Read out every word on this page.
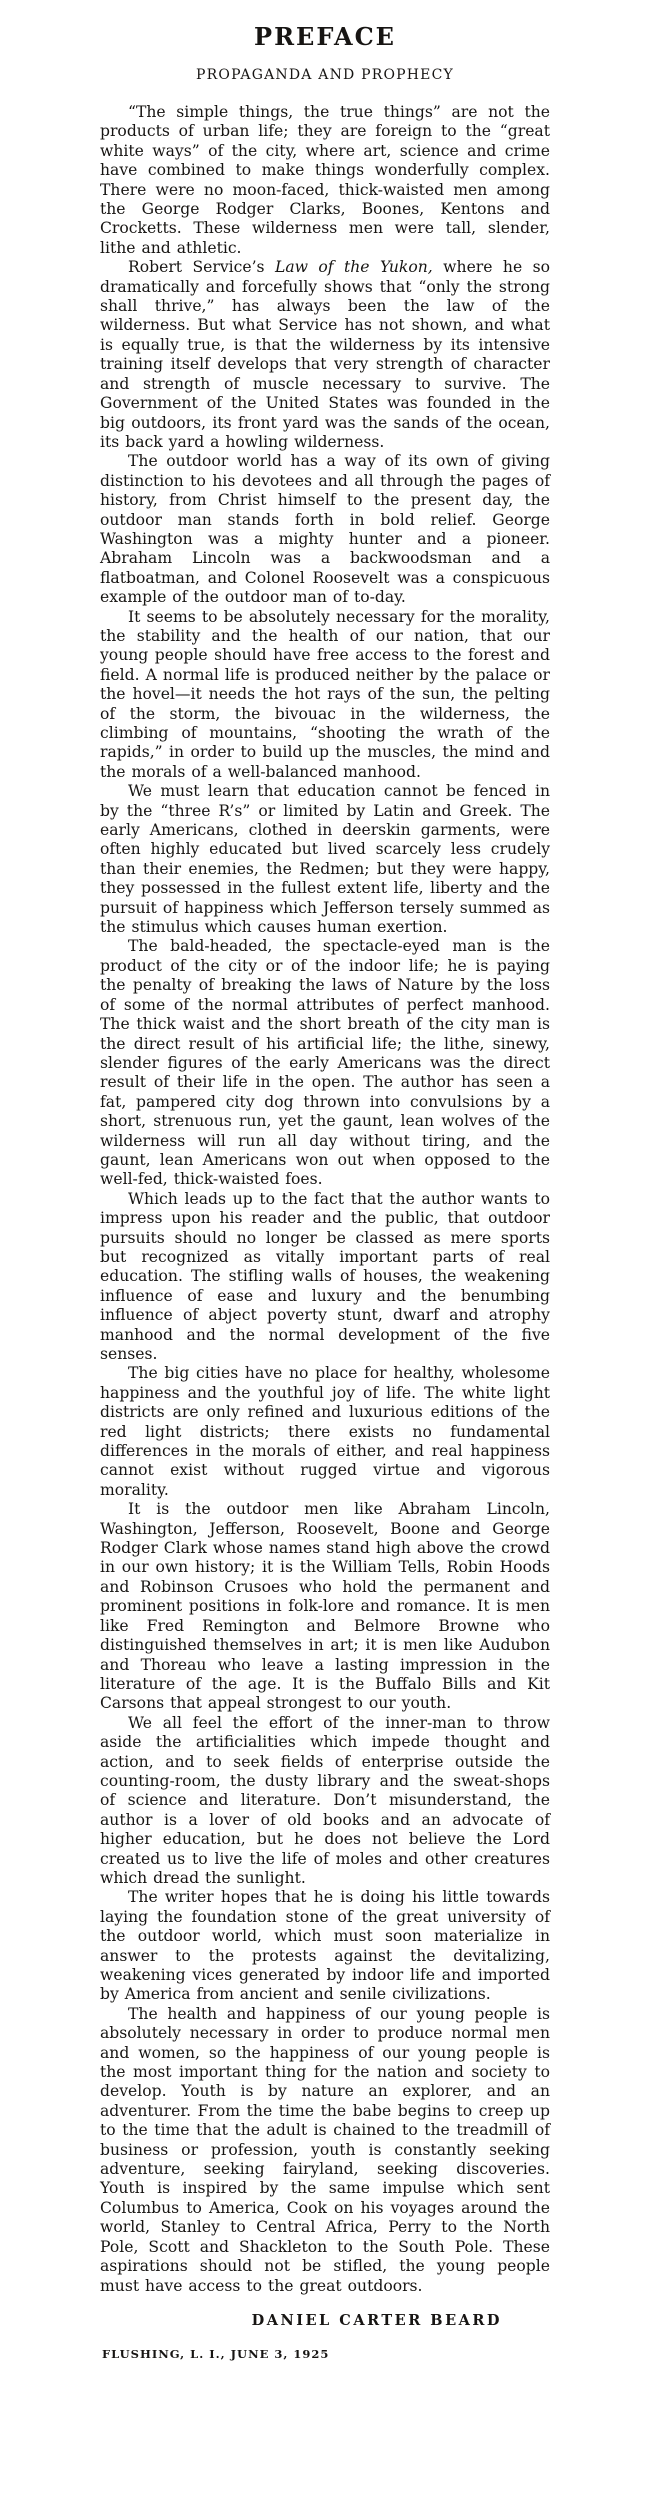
PREFACE
PROPAGANDA AND PROPHECY

“The simple things, the true things” are not the products of urban life; they are foreign to the “great white ways” of the city, where art, science and crime have combined to make things wonderfully complex. There were no moon-faced, thick-waisted men among the George Rodger Clarks, Boones, Kentons and Crocketts. These wilderness men were tall, slender, lithe and athletic.

Robert Service’s Law of the Yukon, where he so dramatically and forcefully shows that “only the strong shall thrive,” has always been the law of the wilderness. But what Service has not shown, and what is equally true, is that the wilderness by its intensive training itself develops that very strength of character and strength of muscle necessary to survive. The Government of the United States was founded in the big outdoors, its front yard was the sands of the ocean, its back yard a howling wilderness.

The outdoor world has a way of its own of giving distinction to his devotees and all through the pages of history, from Christ himself to the present day, the outdoor man stands forth in bold relief. George Washington was a mighty hunter and a pioneer. Abraham Lincoln was a backwoodsman and a flatboatman, and Colonel Roosevelt was a conspicuous example of the outdoor man of to-day.

It seems to be absolutely necessary for the morality, the stability and the health of our nation, that our young people should have free access to the forest and field. A normal life is produced neither by the palace or the hovel—it needs the hot rays of the sun, the pelting of the storm, the bivouac in the wilderness, the climbing of mountains, “shooting the wrath of the rapids,” in order to build up the muscles, the mind and the morals of a well-balanced manhood.

We must learn that education cannot be fenced in by the “three R’s” or limited by Latin and Greek. The early Americans, clothed in deerskin garments, were often highly educated but lived scarcely less crudely than their enemies, the Redmen; but they were happy, they possessed in the fullest extent life, liberty and the pursuit of happiness which Jefferson tersely summed as the stimulus which causes human exertion.

The bald-headed, the spectacle-eyed man is the product of the city or of the indoor life; he is paying the penalty of breaking the laws of Nature by the loss of some of the normal attributes of perfect manhood. The thick waist and the short breath of the city man is the direct result of his artificial life; the lithe, sinewy, slender figures of the early Americans was the direct result of their life in the open. The author has seen a fat, pampered city dog thrown into convulsions by a short, strenuous run, yet the gaunt, lean wolves of the wilderness will run all day without tiring, and the gaunt, lean Americans won out when opposed to the well-fed, thick-waisted foes.

Which leads up to the fact that the author wants to impress upon his reader and the public, that outdoor pursuits should no longer be classed as mere sports but recognized as vitally important parts of real education. The stifling walls of houses, the weakening influence of ease and luxury and the benumbing influence of abject poverty stunt, dwarf and atrophy manhood and the normal development of the five senses.

The big cities have no place for healthy, wholesome happiness and the youthful joy of life. The white light districts are only refined and luxurious editions of the red light districts; there exists no fundamental differences in the morals of either, and real happiness cannot exist without rugged virtue and vigorous morality.

It is the outdoor men like Abraham Lincoln, Washington, Jefferson, Roosevelt, Boone and George Rodger Clark whose names stand high above the crowd in our own history; it is the William Tells, Robin Hoods and Robinson Crusoes who hold the permanent and prominent positions in folk-lore and romance. It is men like Fred Remington and Belmore Browne who distinguished themselves in art; it is men like Audubon and Thoreau who leave a lasting impression in the literature of the age. It is the Buffalo Bills and Kit Carsons that appeal strongest to our youth.

We all feel the effort of the inner-man to throw aside the artificialities which impede thought and action, and to seek fields of enterprise outside the counting-room, the dusty library and the sweat-shops of science and literature. Don’t misunderstand, the author is a lover of old books and an advocate of higher education, but he does not believe the Lord created us to live the life of moles and other creatures which dread the sunlight.

The writer hopes that he is doing his little towards laying the foundation stone of the great university of the outdoor world, which must soon materialize in answer to the protests against the devitalizing, weakening vices generated by indoor life and imported by America from ancient and senile civilizations.

The health and happiness of our young people is absolutely necessary in order to produce normal men and women, so the happiness of our young people is the most important thing for the nation and society to develop. Youth is by nature an explorer, and an adventurer. From the time the babe begins to creep up to the time that the adult is chained to the treadmill of business or profession, youth is constantly seeking adventure, seeking fairyland, seeking discoveries. Youth is inspired by the same impulse which sent Columbus to America, Cook on his voyages around the world, Stanley to Central Africa, Perry to the North Pole, Scott and Shackleton to the South Pole. These aspirations should not be stifled, the young people must have access to the great outdoors.

DANIEL CARTER BEARD
FLUSHING, L. I., JUNE 3, 1925
